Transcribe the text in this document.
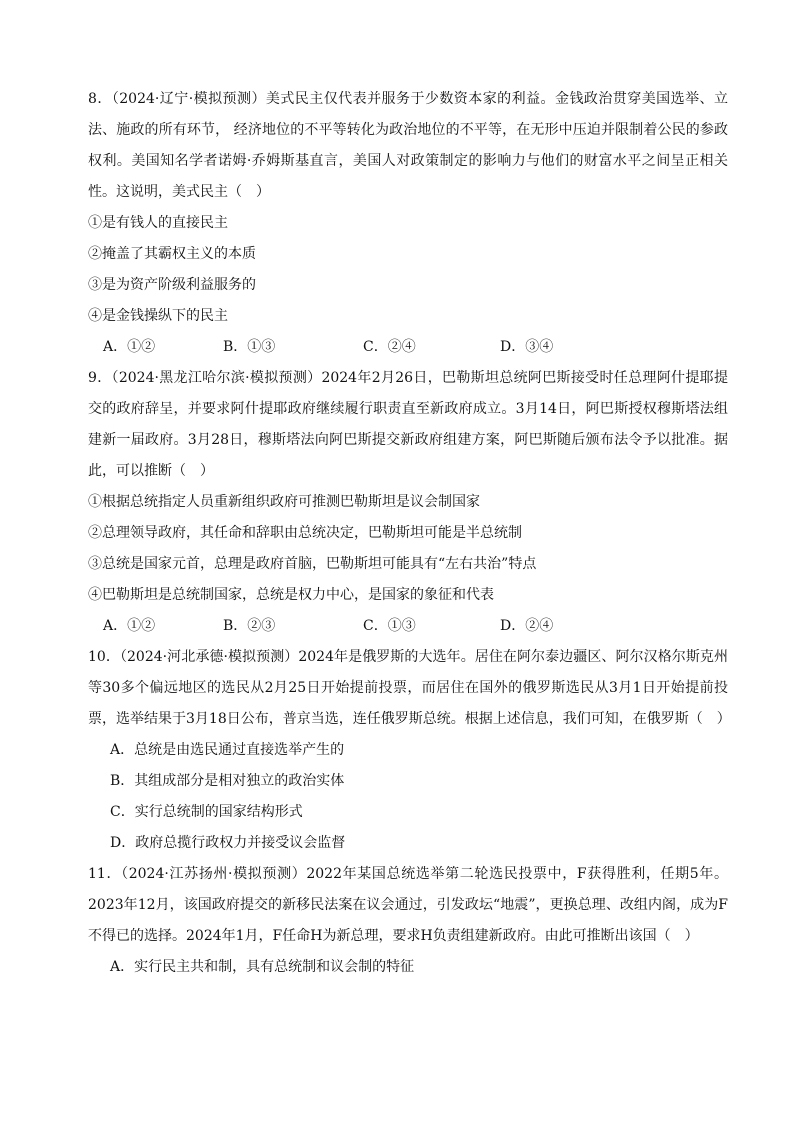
8．（2024·辽宁·模拟预测）美式民主仅代表并服务于少数资本家的利益。金钱政治贯穿美国选举、立法、施政的所有环节， 经济地位的不平等转化为政治地位的不平等，在无形中压迫并限制着公民的参政权利。美国知名学者诺姆·乔姆斯基直言，美国人对政策制定的影响力与他们的财富水平之间呈正相关性。这说明，美式民主（　）

①是有钱人的直接民主

②掩盖了其霸权主义的本质

③是为资产阶级利益服务的

④是金钱操纵下的民主

A．①②	B．①③	C．②④	D．③④

9．（2024·黑龙江哈尔滨·模拟预测）2024年2月26日，巴勒斯坦总统阿巴斯接受时任总理阿什提耶提交的政府辞呈，并要求阿什提耶政府继续履行职责直至新政府成立。3月14日，阿巴斯授权穆斯塔法组建新一届政府。3月28日，穆斯塔法向阿巴斯提交新政府组建方案，阿巴斯随后颁布法令予以批准。据此，可以推断（　）

①根据总统指定人员重新组织政府可推测巴勒斯坦是议会制国家

②总理领导政府，其任命和辞职由总统决定，巴勒斯坦可能是半总统制

③总统是国家元首，总理是政府首脑，巴勒斯坦可能具有“左右共治”特点

④巴勒斯坦是总统制国家，总统是权力中心，是国家的象征和代表

A．①②	B．②③	C．①③	D．②④

10．（2024·河北承德·模拟预测）2024年是俄罗斯的大选年。居住在阿尔泰边疆区、阿尔汉格尔斯克州等30多个偏远地区的选民从2月25日开始提前投票，而居住在国外的俄罗斯选民从3月1日开始提前投票，选举结果于3月18日公布，普京当选，连任俄罗斯总统。根据上述信息，我们可知，在俄罗斯（　）

A．总统是由选民通过直接选举产生的

B．其组成部分是相对独立的政治实体

C．实行总统制的国家结构形式

D．政府总揽行政权力并接受议会监督

11．（2024·江苏扬州·模拟预测）2022年某国总统选举第二轮选民投票中，F获得胜利，任期5年。2023年12月，该国政府提交的新移民法案在议会通过，引发政坛“地震”，更换总理、改组内阁，成为F不得已的选择。2024年1月，F任命H为新总理，要求H负责组建新政府。由此可推断出该国（　）

A．实行民主共和制，具有总统制和议会制的特征
